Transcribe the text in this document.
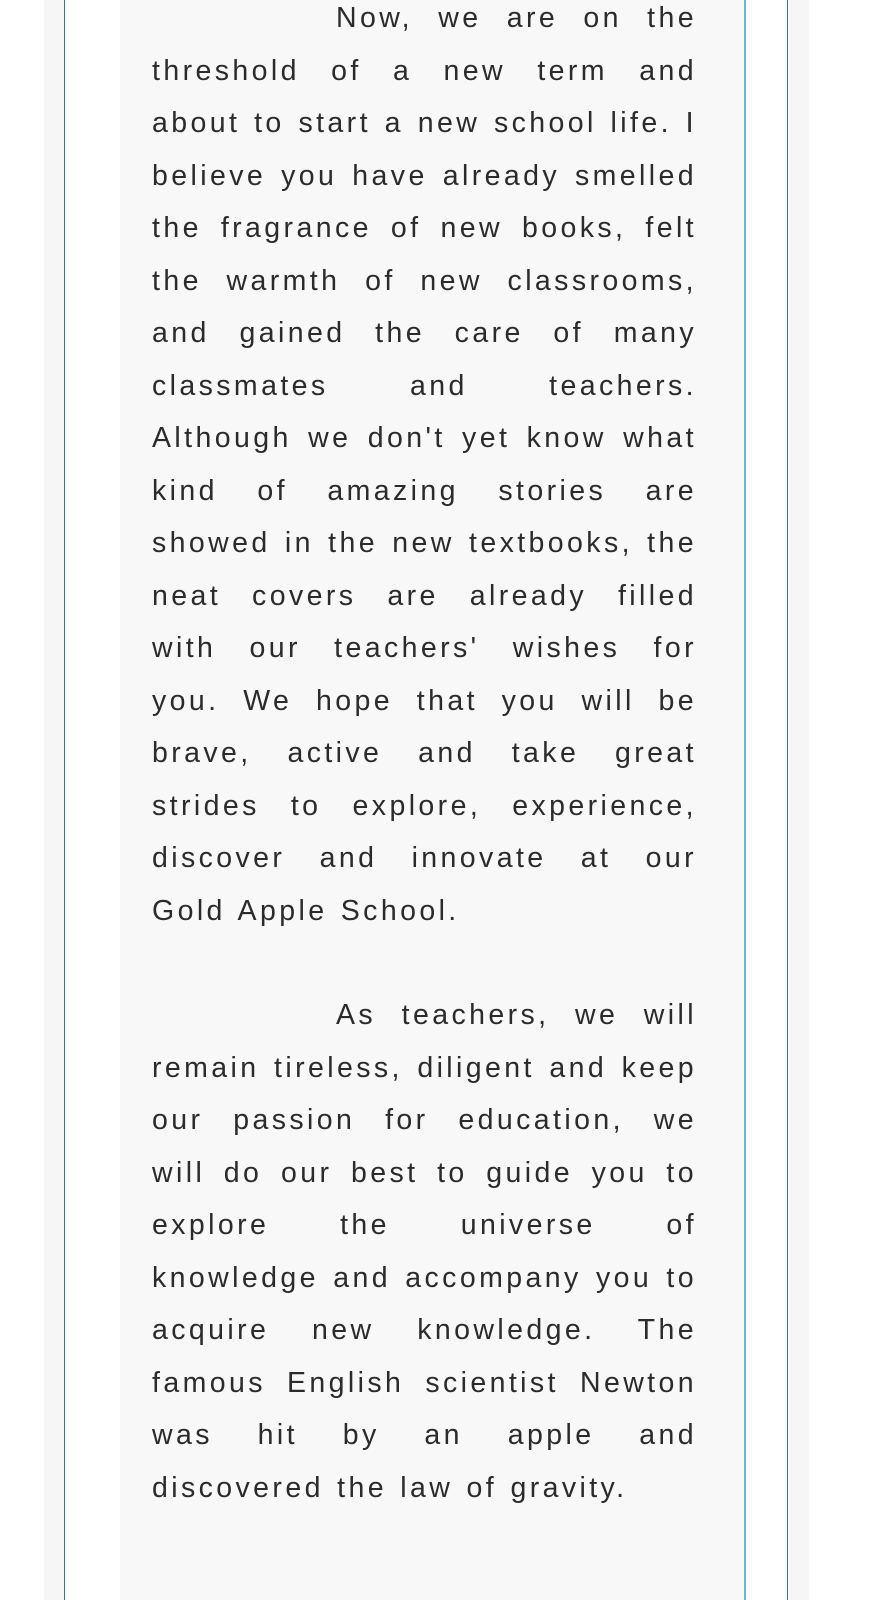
Now, we are on the threshold of a new term and about to start a new school life. I believe you have already smelled the fragrance of new books, felt the warmth of new classrooms, and gained the care of many classmates and teachers. Although we don't yet know what kind of amazing stories are showed in the new textbooks, the neat covers are already filled with our teachers' wishes for you. We hope that you will be brave, active and take great strides to explore, experience, discover and innovate at our Gold Apple School.

As teachers, we will remain tireless, diligent and keep our passion for education, we will do our best to guide you to explore the universe of knowledge and accompany you to acquire new knowledge. The famous English scientist Newton was hit by an apple and discovered the law of gravity.
